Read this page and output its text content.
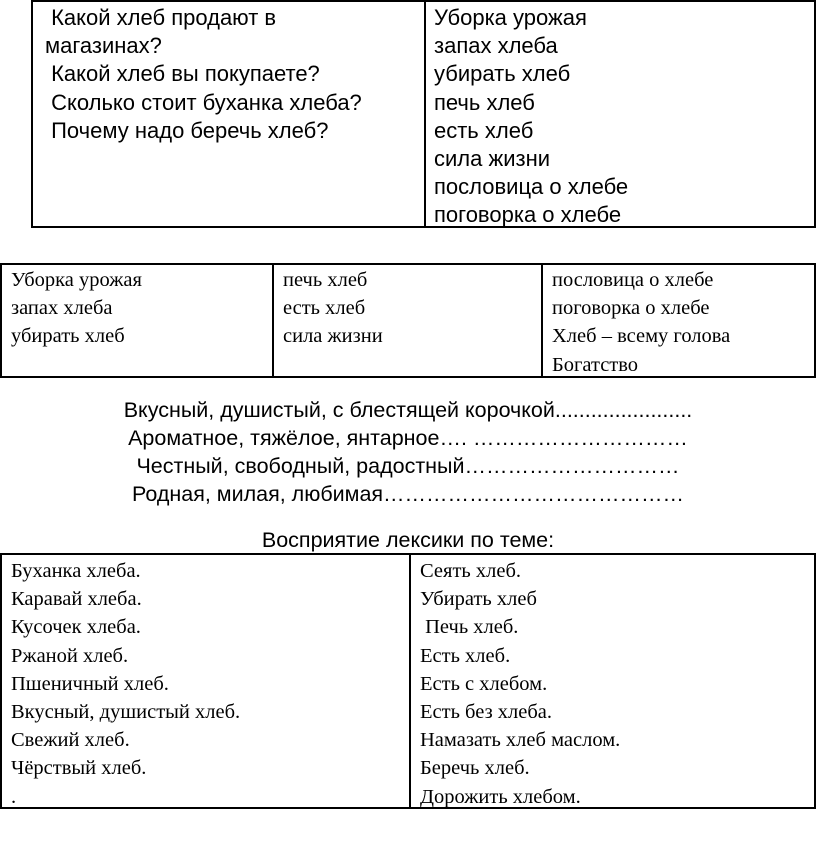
Какой хлеб продают в
магазинах?
Какой хлеб вы покупаете?
Сколько стоит буханка хлеба?
Почему надо беречь хлеб?
Уборка урожая
запах хлеба
убирать хлеб
печь хлеб
есть хлеб
сила жизни
пословица о хлебе
поговорка о хлебе
Уборка урожая
запах хлеба
убирать хлеб
печь хлеб
есть хлеб
сила жизни
пословица о хлебе
поговорка о хлебе
Хлеб – всему голова
Богатство
Вкусный, душистый, с блестящей корочкой.......................
Ароматное, тяжёлое, янтарное…. …………………………
Честный, свободный, радостный…………………………
Родная, милая, любимая……………………………………
Восприятие лексики по теме:
Буханка хлеба.
Каравай хлеба.
Кусочек хлеба.
Ржаной хлеб.
Пшеничный хлеб.
Вкусный, душистый хлеб.
Свежий хлеб.
Чёрствый хлеб.
.
Сеять хлеб.
Убирать хлеб
Печь хлеб.
Есть хлеб.
Есть с хлебом.
Есть без хлеба.
Намазать хлеб маслом.
Беречь хлеб.
Дорожить хлебом.
